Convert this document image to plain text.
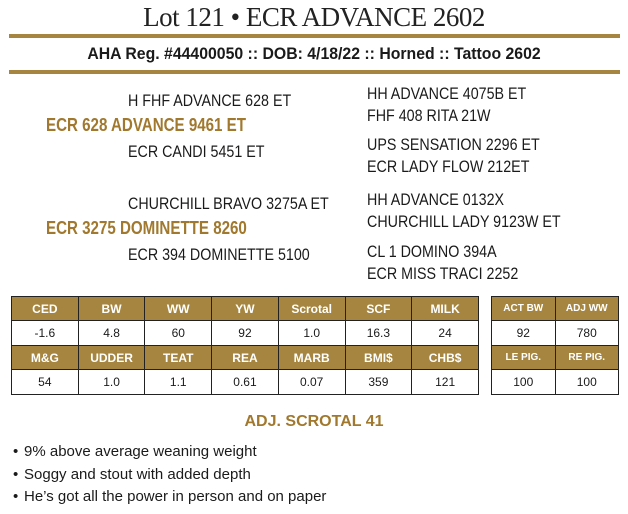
Lot 121 • ECR ADVANCE 2602
AHA Reg. #44400050 :: DOB: 4/18/22 :: Horned :: Tattoo 2602
H FHF ADVANCE 628 ET
ECR 628 ADVANCE 9461 ET
ECR CANDI 5451 ET
CHURCHILL BRAVO 3275A ET
ECR 3275 DOMINETTE 8260
ECR 394 DOMINETTE 5100
HH ADVANCE 4075B ET
FHF 408 RITA 21W
UPS SENSATION 2296 ET
ECR LADY FLOW 212ET
HH ADVANCE 0132X
CHURCHILL LADY 9123W ET
CL 1 DOMINO 394A
ECR MISS TRACI 2252
CED	BW	WW	YW	Scrotal	SCF	MILK
-1.6	4.8	60	92	1.0	16.3	24
M&G	UDDER	TEAT	REA	MARB	BMI$	CHB$
54	1.0	1.1	0.61	0.07	359	121
ACT BW	ADJ WW
92	780
LE PIG.	RE PIG.
100	100
ADJ. SCROTAL 41
• 9% above average weaning weight
• Soggy and stout with added depth
• He’s got all the power in person and on paper
